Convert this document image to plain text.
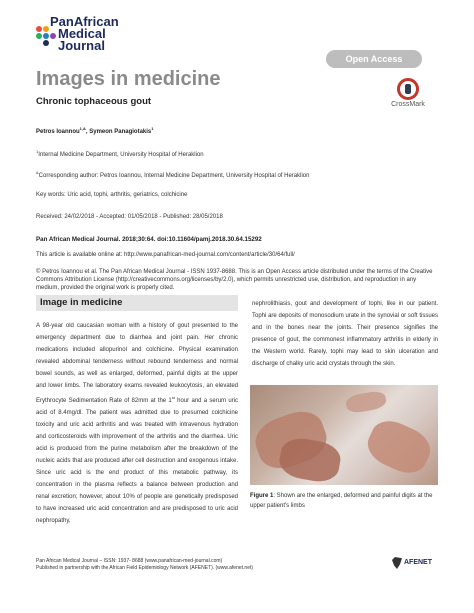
PanAfrican
Medical
Journal
Open Access
Images in medicine
CrossMark
Chronic tophaceous gout
Petros Ioannou$^{1,\&}$, Symeon Panagiotakis$^1$
$^1$Internal Medicine Department, University Hospital of Heraklion
&Corresponding author: Petros Ioannou, Internal Medicine Department, University Hospital of Heraklion
Key words: Uric acid, tophi, arthritis, geriatrics, colchicine
Received: 24/02/2018 - Accepted: 01/05/2018 - Published: 28/05/2018
Pan African Medical Journal. 2018;30:64. doi:10.11604/pamj.2018.30.64.15292
This article is available online at: http://www.panafrican-med-journal.com/content/article/30/64/full/
© Petros Ioannou et al. The Pan African Medical Journal - ISSN 1937-8688. This is an Open Access article distributed under the terms of the Creative Commons Attribution License (http://creativecommons.org/licenses/by/2.0), which permits unrestricted use, distribution, and reproduction in any medium, provided the original work is properly cited.
Image in medicine
A 98-year old caucasian woman with a history of gout presented to the emergency department due to diarrhea and joint pain. Her chronic medications included allopurinol and colchicine. Physical examination revealed abdominal tenderness without rebound tenderness and normal bowel sounds, as well as enlarged, deformed, painful digits at the upper and lower limbs. The laboratory exams revealed leukocytosis, an elevated Erythrocyte Sedimentation Rate of 82mm at the 1st hour and a serum uric acid of 8.4mg/dl. The patient was admitted due to presumed colchicine toxicity and uric acid arthritis and was treated with intravenous hydration and corticosteroids with improvement of the arthritis and the diarrhea. Uric acid is produced from the purine metabolism after the breakdown of the nucleic acids that are produced after cell destruction and exogenous intake. Since uric acid is the end product of this metabolic pathway, its concentration in the plasma reflects a balance between production and renal excretion; however, about 10% of people are genetically predisposed to have increased uric acid concentration and are predisposed to uric acid nephropathy,
nephrolithiasis, gout and development of tophi, like in our patient. Tophi are deposits of monosodium urate in the synovial or soft tissues and in the bones near the joints. Their presence signifies the presence of gout, the commonest inflammatory arthritis in elderly in the Western world. Rarely, tophi may lead to skin ulceration and discharge of chalky uric acid crystals through the skin.
Figure 1: Shown are the enlarged, deformed and painful digits at the upper patient's limbs
Pan African Medical Journal – ISSN: 1937- 8688 (www.panafrican-med-journal.com)
Published in partnership with the African Field Epidemiology Network (AFENET). (www.afenet.net)
AFENET
